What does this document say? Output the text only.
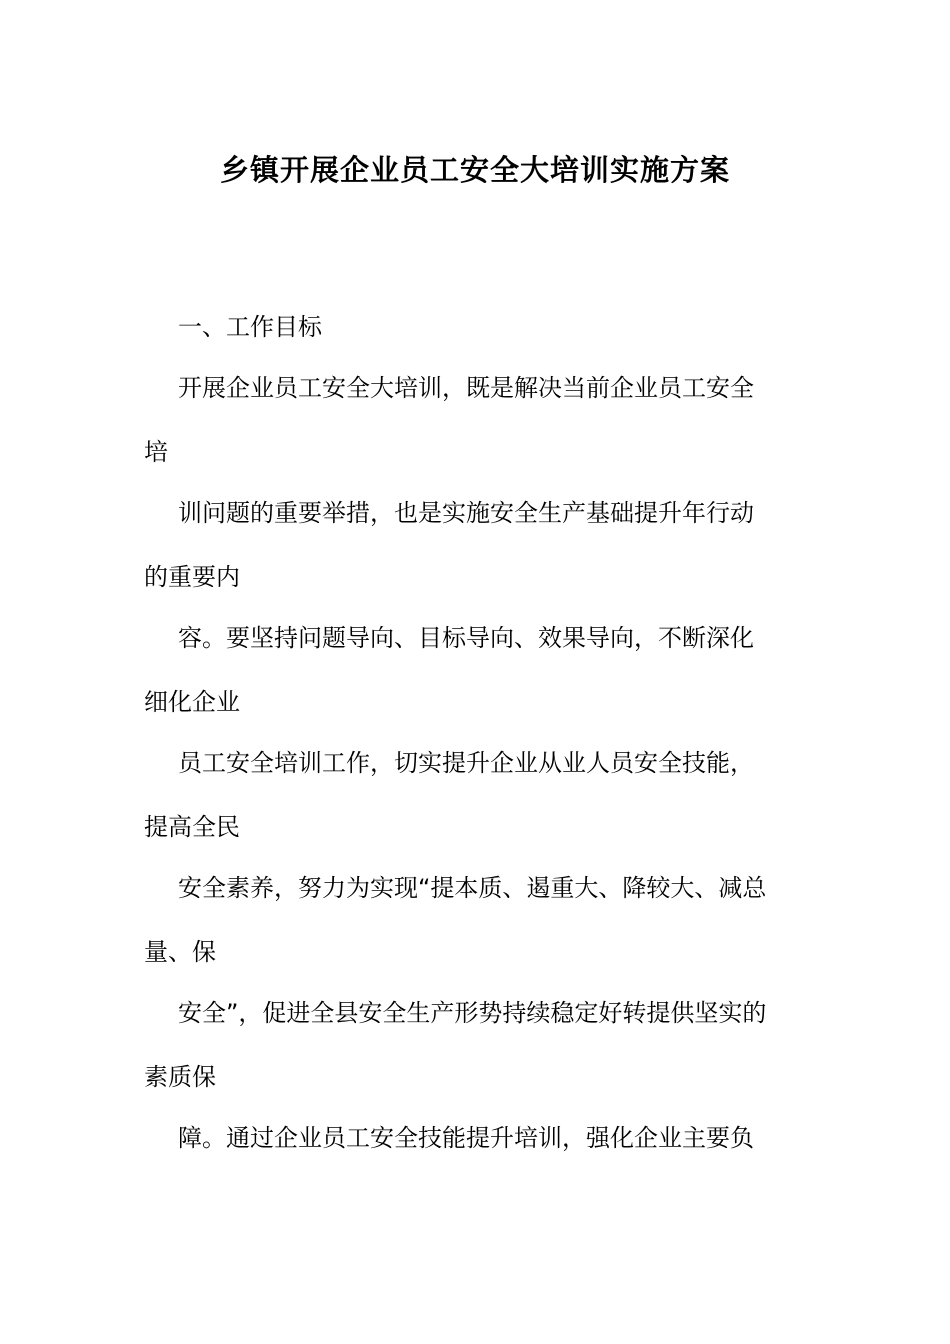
乡镇开展企业员工安全大培训实施方案
一、工作目标
开展企业员工安全大培训，既是解决当前企业员工安全
培
训问题的重要举措，也是实施安全生产基础提升年行动
的重要内
容。要坚持问题导向、目标导向、效果导向，不断深化
细化企业
员工安全培训工作，切实提升企业从业人员安全技能，
提高全民
安全素养，努力为实现“提本质、遏重大、降较大、减总
量、保
安全”，促进全县安全生产形势持续稳定好转提供坚实的
素质保
障。通过企业员工安全技能提升培训，强化企业主要负
